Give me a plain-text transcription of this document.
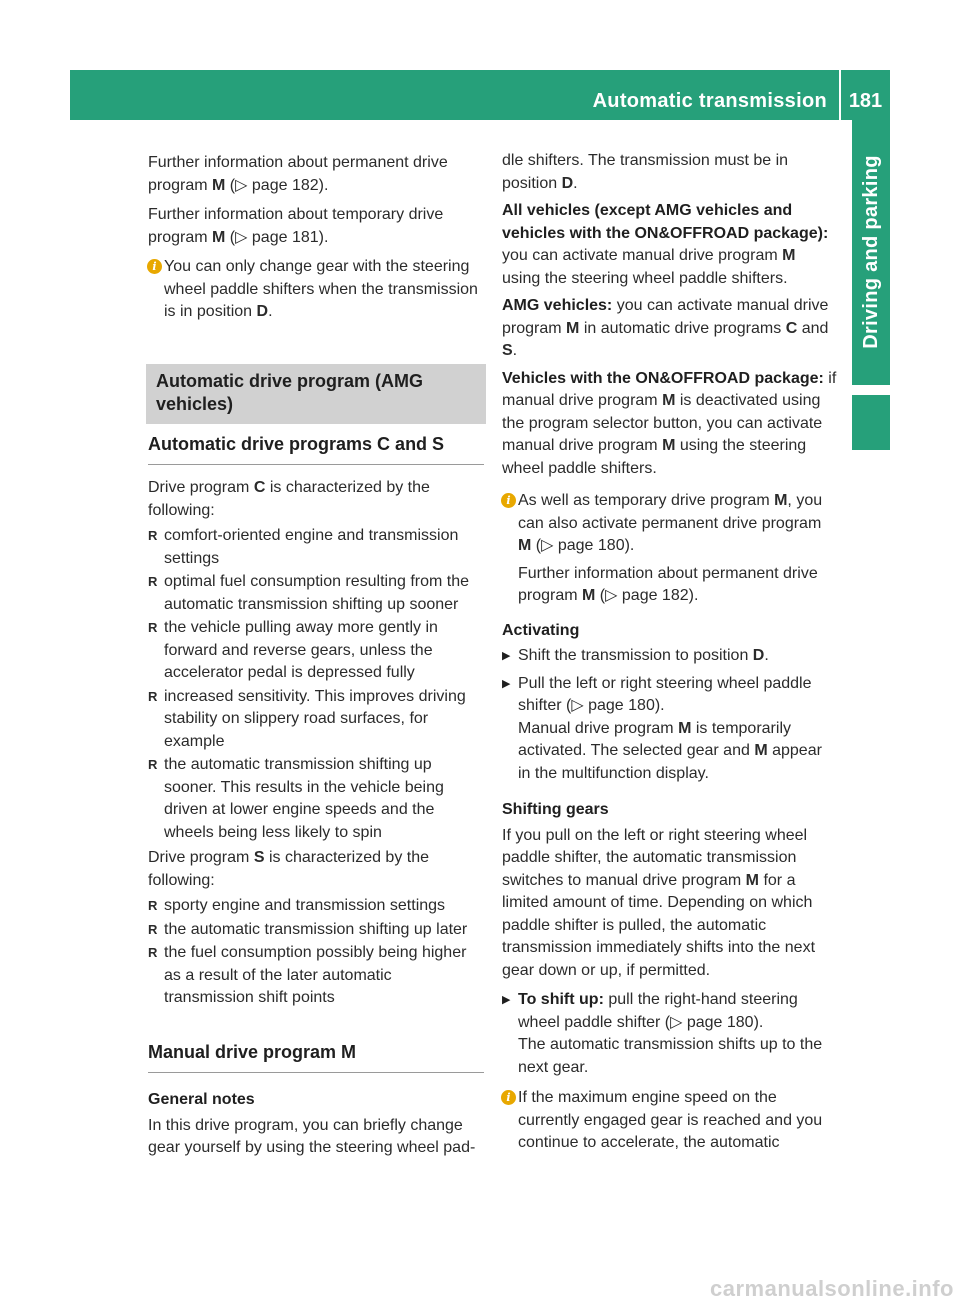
Automatic transmission	181
Driving and parking

Further information about permanent drive program M (▷ page 182).

Further information about temporary drive program M (▷ page 181).

i You can only change gear with the steering wheel paddle shifters when the transmission is in position D.
Automatic drive program (AMG vehicles)
Automatic drive programs C and S

Drive program C is characterized by the following:

R comfort-oriented engine and transmission settings
R optimal fuel consumption resulting from the automatic transmission shifting up sooner
R the vehicle pulling away more gently in forward and reverse gears, unless the accelerator pedal is depressed fully
R increased sensitivity. This improves driving stability on slippery road surfaces, for example
R the automatic transmission shifting up sooner. This results in the vehicle being driven at lower engine speeds and the wheels being less likely to spin

Drive program S is characterized by the following:

R sporty engine and transmission settings
R the automatic transmission shifting up later
R the fuel consumption possibly being higher as a result of the later automatic transmission shift points
Manual drive program M
General notes

In this drive program, you can briefly change gear yourself by using the steering wheel pad-

dle shifters. The transmission must be in position D.

All vehicles (except AMG vehicles and vehicles with the ON&OFFROAD package): you can activate manual drive program M using the steering wheel paddle shifters.

AMG vehicles: you can activate manual drive program M in automatic drive programs C and S.

Vehicles with the ON&OFFROAD package: if manual drive program M is deactivated using the program selector button, you can activate manual drive program M using the steering wheel paddle shifters.

i As well as temporary drive program M, you can also activate permanent drive program M (▷ page 180).
Further information about permanent drive program M (▷ page 182).
Activating
▶ Shift the transmission to position D.
▶ Pull the left or right steering wheel paddle shifter (▷ page 180).
Manual drive program M is temporarily activated. The selected gear and M appear in the multifunction display.
Shifting gears

If you pull on the left or right steering wheel paddle shifter, the automatic transmission switches to manual drive program M for a limited amount of time. Depending on which paddle shifter is pulled, the automatic transmission immediately shifts into the next gear down or up, if permitted.

▶ To shift up: pull the right-hand steering wheel paddle shifter (▷ page 180).
The automatic transmission shifts up to the next gear.
i If the maximum engine speed on the currently engaged gear is reached and you continue to accelerate, the automatic
carmanualsonline.info
